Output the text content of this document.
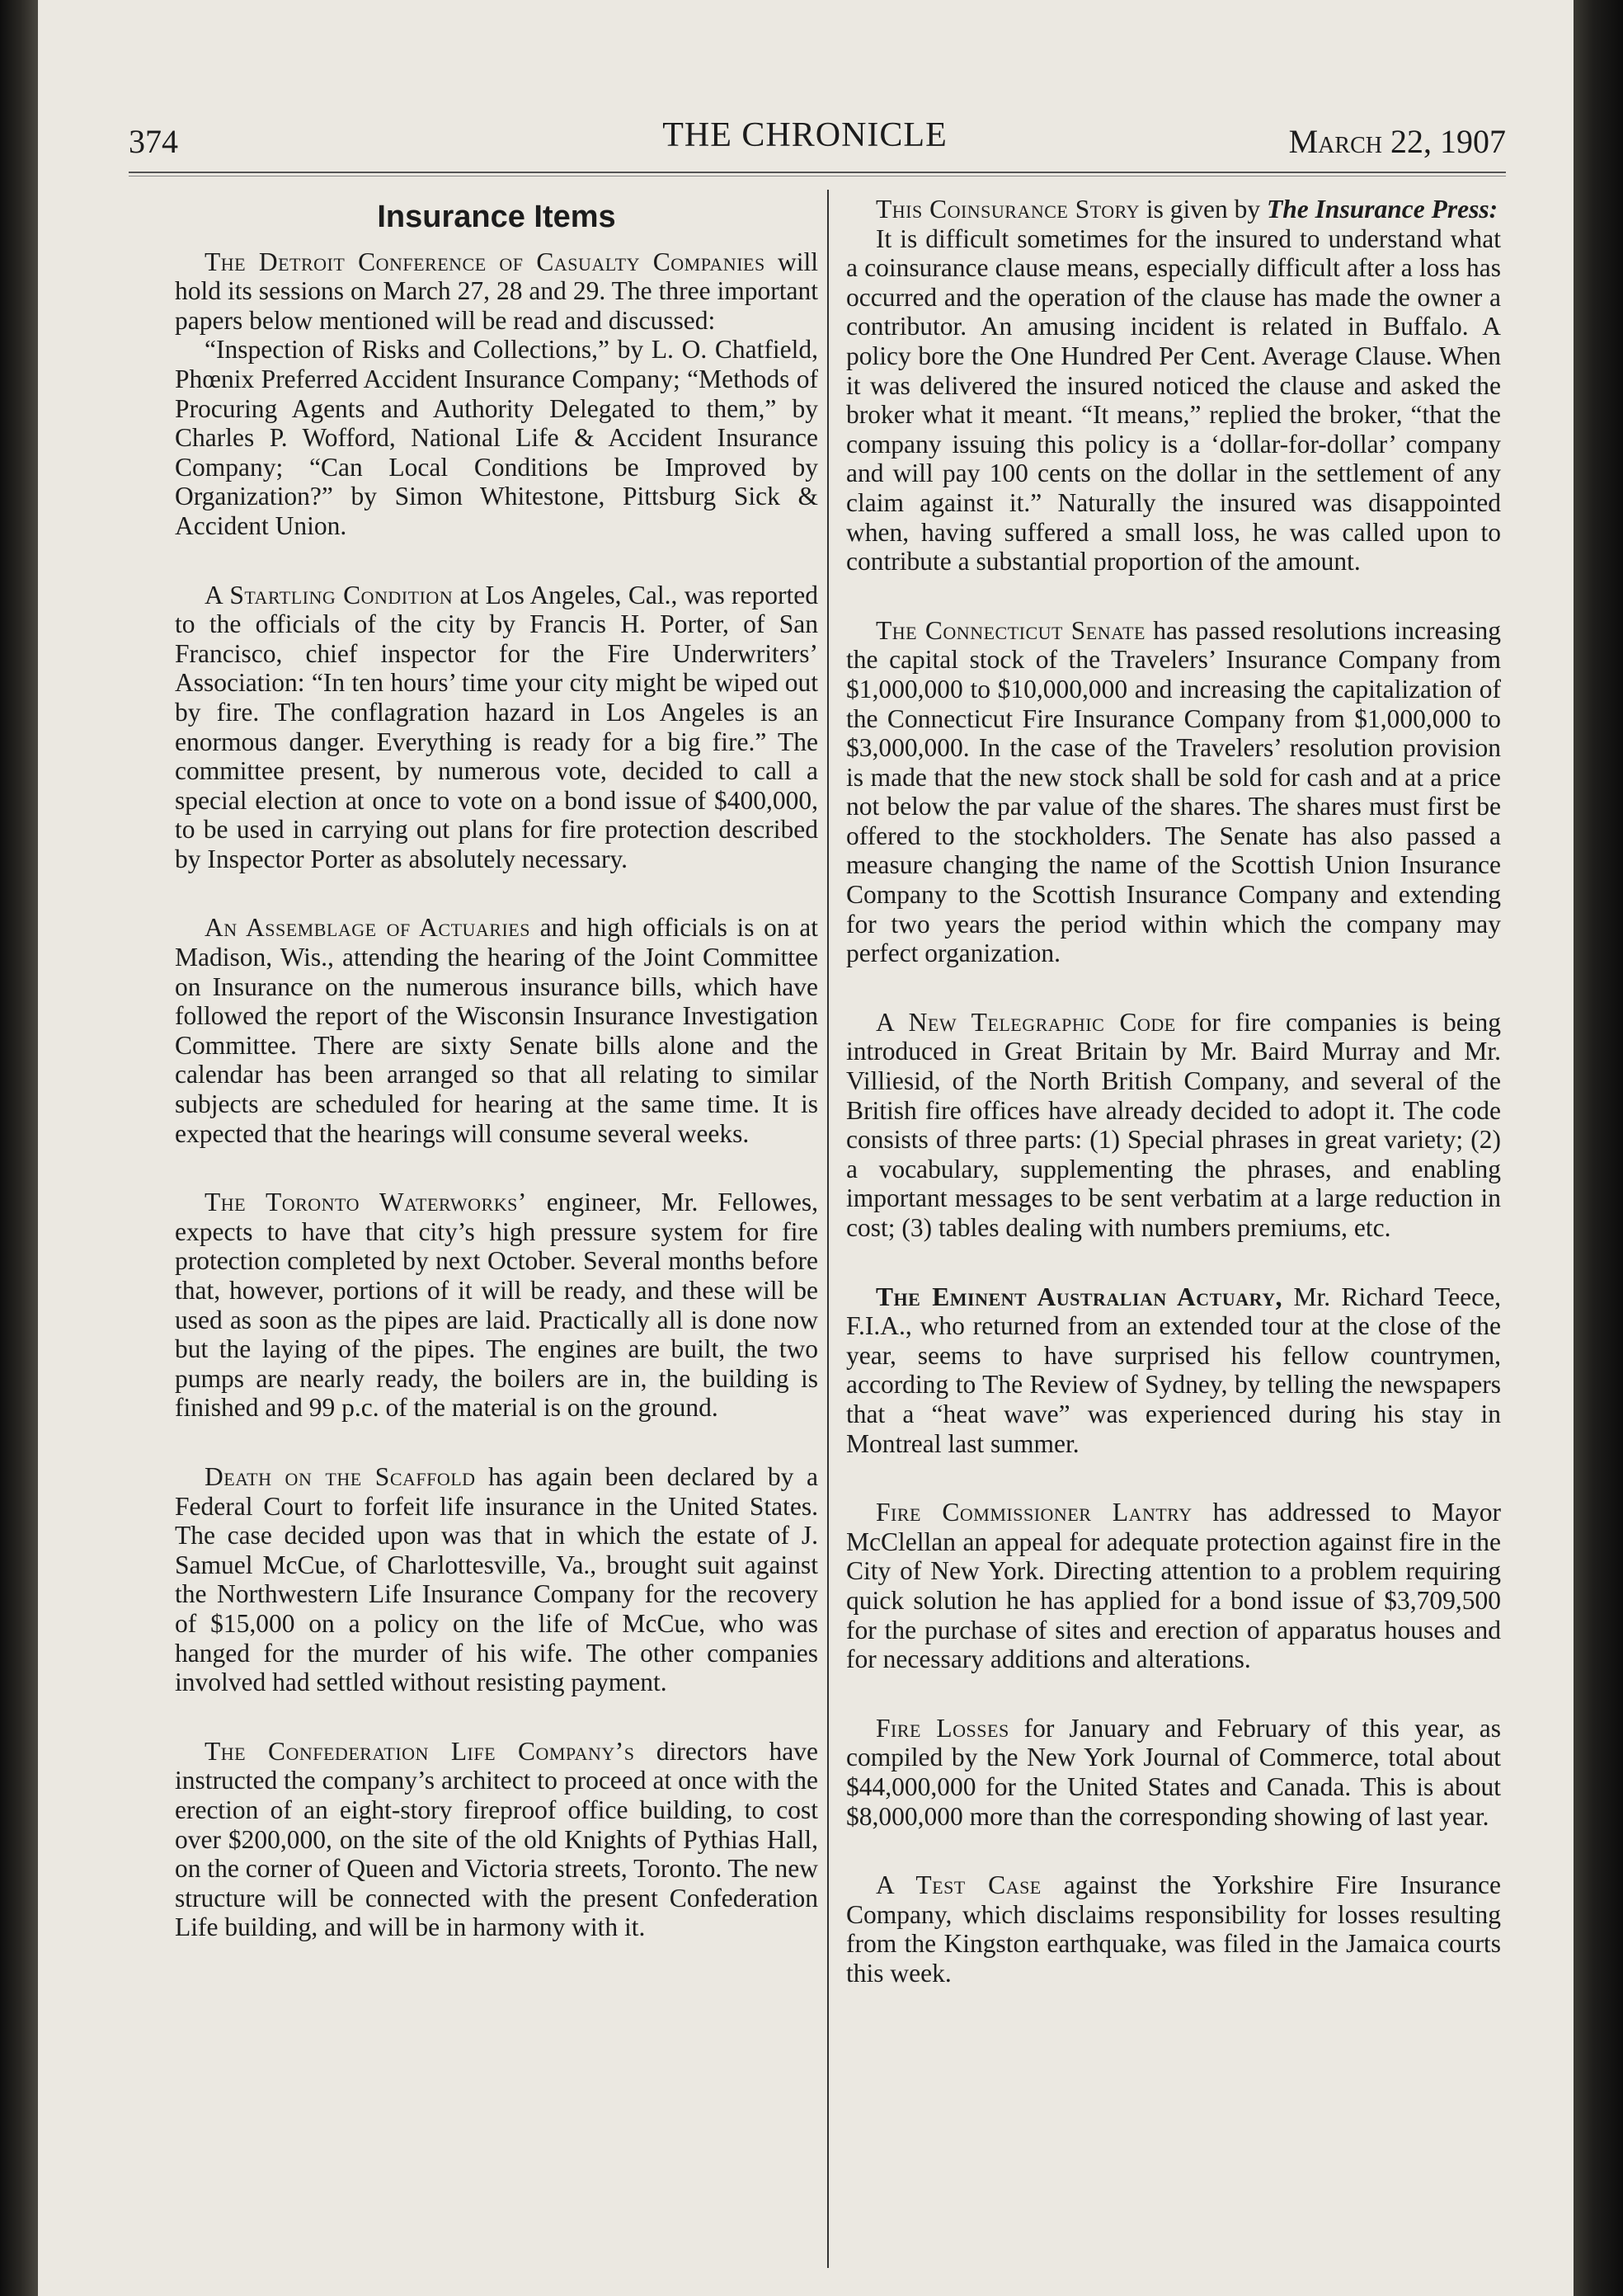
374	THE CHRONICLE	March 22, 1907
Insurance Items

The Detroit Conference of Casualty Companies will hold its sessions on March 27, 28 and 29. The three important papers below mentioned will be read and discussed:

“Inspection of Risks and Collections,” by L. O. Chatfield, Phœnix Preferred Accident Insurance Company; “Methods of Procuring Agents and Authority Delegated to them,” by Charles P. Wofford, National Life & Accident Insurance Company; “Can Local Conditions be Improved by Organization?” by Simon Whitestone, Pittsburg Sick & Accident Union.

A Startling Condition at Los Angeles, Cal., was reported to the officials of the city by Francis H. Porter, of San Francisco, chief inspector for the Fire Underwriters’ Association: “In ten hours’ time your city might be wiped out by fire. The conflagration hazard in Los Angeles is an enormous danger. Everything is ready for a big fire.” The committee present, by numerous vote, decided to call a special election at once to vote on a bond issue of $400,000, to be used in carrying out plans for fire protection described by Inspector Porter as absolutely necessary.

An Assemblage of Actuaries and high officials is on at Madison, Wis., attending the hearing of the Joint Committee on Insurance on the numerous insurance bills, which have followed the report of the Wisconsin Insurance Investigation Committee. There are sixty Senate bills alone and the calendar has been arranged so that all relating to similar subjects are scheduled for hearing at the same time. It is expected that the hearings will consume several weeks.

The Toronto Waterworks’ engineer, Mr. Fellowes, expects to have that city’s high pressure system for fire protection completed by next October. Several months before that, however, portions of it will be ready, and these will be used as soon as the pipes are laid. Practically all is done now but the laying of the pipes. The engines are built, the two pumps are nearly ready, the boilers are in, the building is finished and 99 p.c. of the material is on the ground.

Death on the Scaffold has again been declared by a Federal Court to forfeit life insurance in the United States. The case decided upon was that in which the estate of J. Samuel McCue, of Charlottesville, Va., brought suit against the Northwestern Life Insurance Company for the recovery of $15,000 on a policy on the life of McCue, who was hanged for the murder of his wife. The other companies involved had settled without resisting payment.

The Confederation Life Company’s directors have instructed the company’s architect to proceed at once with the erection of an eight-story fireproof office building, to cost over $200,000, on the site of the old Knights of Pythias Hall, on the corner of Queen and Victoria streets, Toronto. The new structure will be connected with the present Confederation Life building, and will be in harmony with it.

This Coinsurance Story is given by The Insurance Press:

It is difficult sometimes for the insured to understand what a coinsurance clause means, especially difficult after a loss has occurred and the operation of the clause has made the owner a contributor. An amusing incident is related in Buffalo. A policy bore the One Hundred Per Cent. Average Clause. When it was delivered the insured noticed the clause and asked the broker what it meant. “It means,” replied the broker, “that the company issuing this policy is a ‘dollar-for-dollar’ company and will pay 100 cents on the dollar in the settlement of any claim against it.” Naturally the insured was disappointed when, having suffered a small loss, he was called upon to contribute a substantial proportion of the amount.

The Connecticut Senate has passed resolutions increasing the capital stock of the Travelers’ Insurance Company from $1,000,000 to $10,000,000 and increasing the capitalization of the Connecticut Fire Insurance Company from $1,000,000 to $3,000,000. In the case of the Travelers’ resolution provision is made that the new stock shall be sold for cash and at a price not below the par value of the shares. The shares must first be offered to the stockholders. The Senate has also passed a measure changing the name of the Scottish Union Insurance Company to the Scottish Insurance Company and extending for two years the period within which the company may perfect organization.

A New Telegraphic Code for fire companies is being introduced in Great Britain by Mr. Baird Murray and Mr. Villiesid, of the North British Company, and several of the British fire offices have already decided to adopt it. The code consists of three parts: (1) Special phrases in great variety; (2) a vocabulary, supplementing the phrases, and enabling important messages to be sent verbatim at a large reduction in cost; (3) tables dealing with numbers premiums, etc.

The Eminent Australian Actuary, Mr. Richard Teece, F.I.A., who returned from an extended tour at the close of the year, seems to have surprised his fellow countrymen, according to The Review of Sydney, by telling the newspapers that a “heat wave” was experienced during his stay in Montreal last summer.

Fire Commissioner Lantry has addressed to Mayor McClellan an appeal for adequate protection against fire in the City of New York. Directing attention to a problem requiring quick solution he has applied for a bond issue of $3,709,500 for the purchase of sites and erection of apparatus houses and for necessary additions and alterations.

Fire Losses for January and February of this year, as compiled by the New York Journal of Commerce, total about $44,000,000 for the United States and Canada. This is about $8,000,000 more than the corresponding showing of last year.

A Test Case against the Yorkshire Fire Insurance Company, which disclaims responsibility for losses resulting from the Kingston earthquake, was filed in the Jamaica courts this week.
